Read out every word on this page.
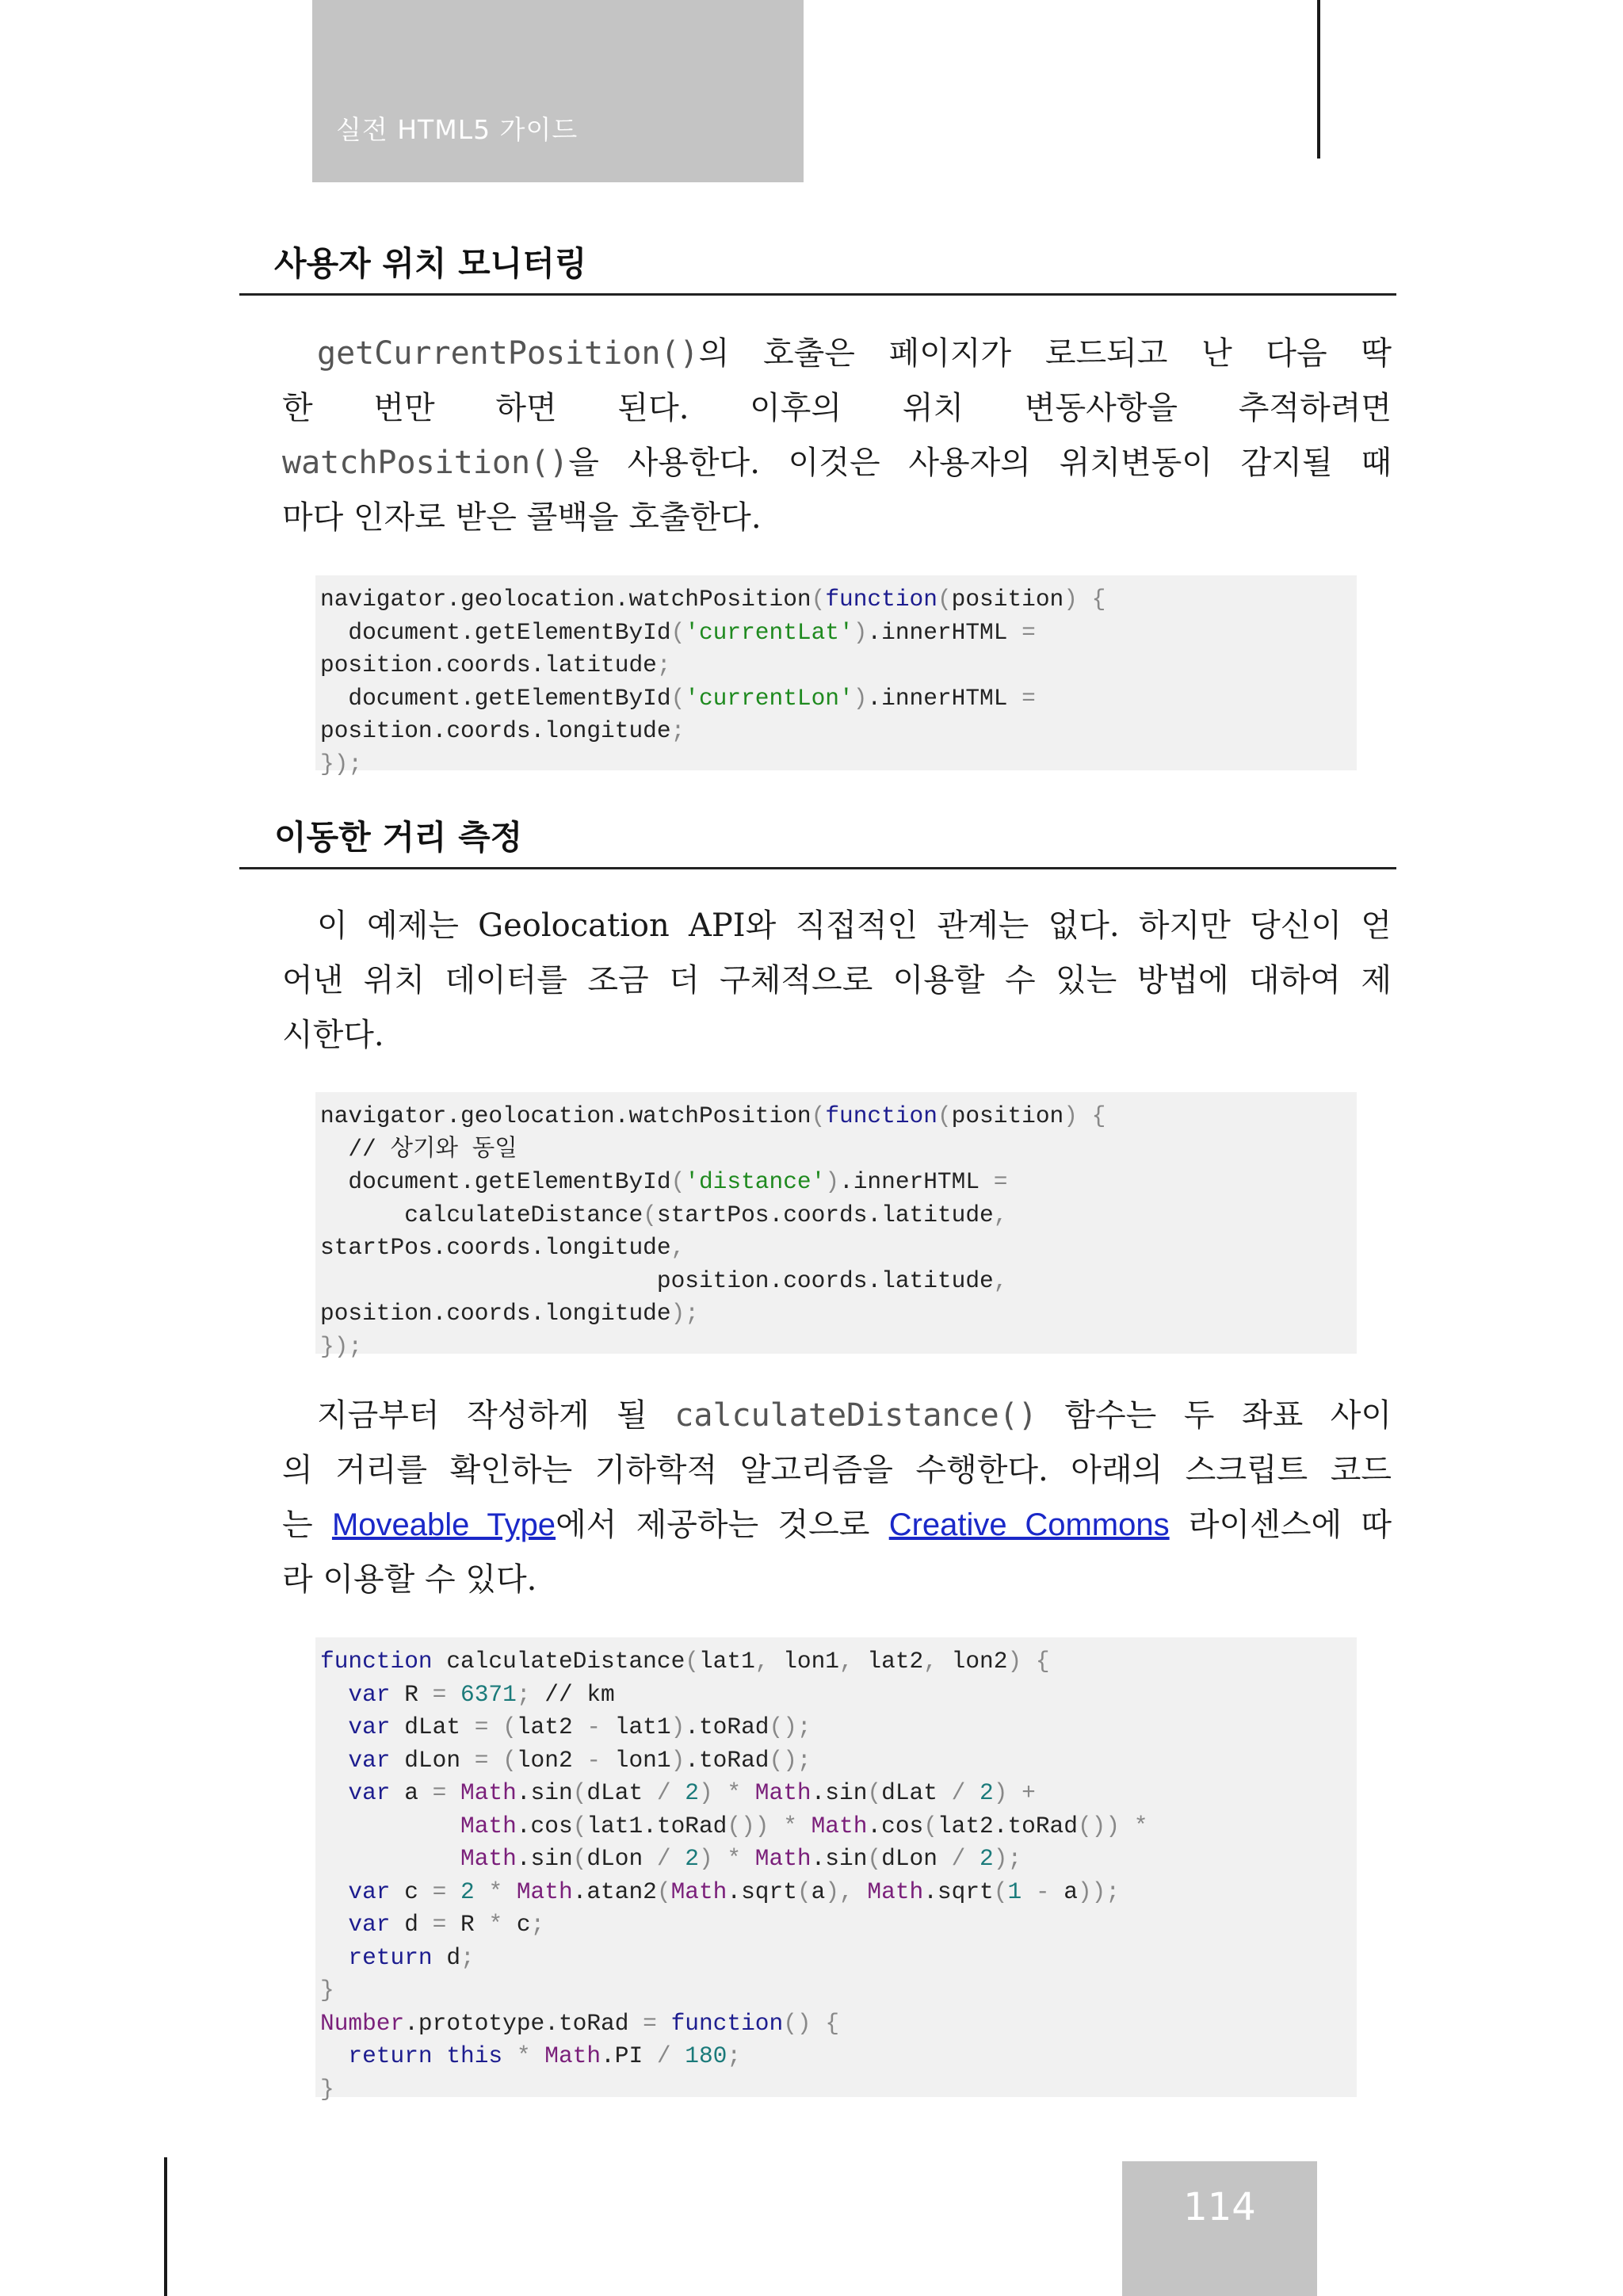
실전 HTML5 가이드
사용자 위치 모니터링
getCurrentPosition()의 호출은 페이지가 로드되고 난 다음 딱
한 번만 하면 된다. 이후의 위치 변동사항을 추적하려면
watchPosition()을 사용한다. 이것은 사용자의 위치변동이 감지될 때
마다 인자로 받은 콜백을 호출한다.
navigator.geolocation.watchPosition(function(position) {
document.getElementById('currentLat').innerHTML =
position.coords.latitude;
document.getElementById('currentLon').innerHTML =
position.coords.longitude;
});
이동한 거리 측정
이 예제는 Geolocation API와 직접적인 관계는 없다. 하지만 당신이 얻
어낸 위치 데이터를 조금 더 구체적으로 이용할 수 있는 방법에 대하여 제
시한다.
navigator.geolocation.watchPosition(function(position) {
// 상기와 동일
document.getElementById('distance').innerHTML =
calculateDistance(startPos.coords.latitude,
startPos.coords.longitude,
position.coords.latitude,
position.coords.longitude);
});
지금부터 작성하게 될 calculateDistance() 함수는 두 좌표 사이
의 거리를 확인하는 기하학적 알고리즘을 수행한다. 아래의 스크립트 코드
는 Moveable Type에서 제공하는 것으로 Creative Commons 라이센스에 따
라 이용할 수 있다.
function calculateDistance(lat1, lon1, lat2, lon2) {
var R = 6371; // km
var dLat = (lat2 - lat1).toRad();
var dLon = (lon2 - lon1).toRad();
var a = Math.sin(dLat / 2) * Math.sin(dLat / 2) +
Math.cos(lat1.toRad()) * Math.cos(lat2.toRad()) *
Math.sin(dLon / 2) * Math.sin(dLon / 2);
var c = 2 * Math.atan2(Math.sqrt(a), Math.sqrt(1 - a));
var d = R * c;
return d;
}
Number.prototype.toRad = function() {
return this * Math.PI / 180;
}
114
